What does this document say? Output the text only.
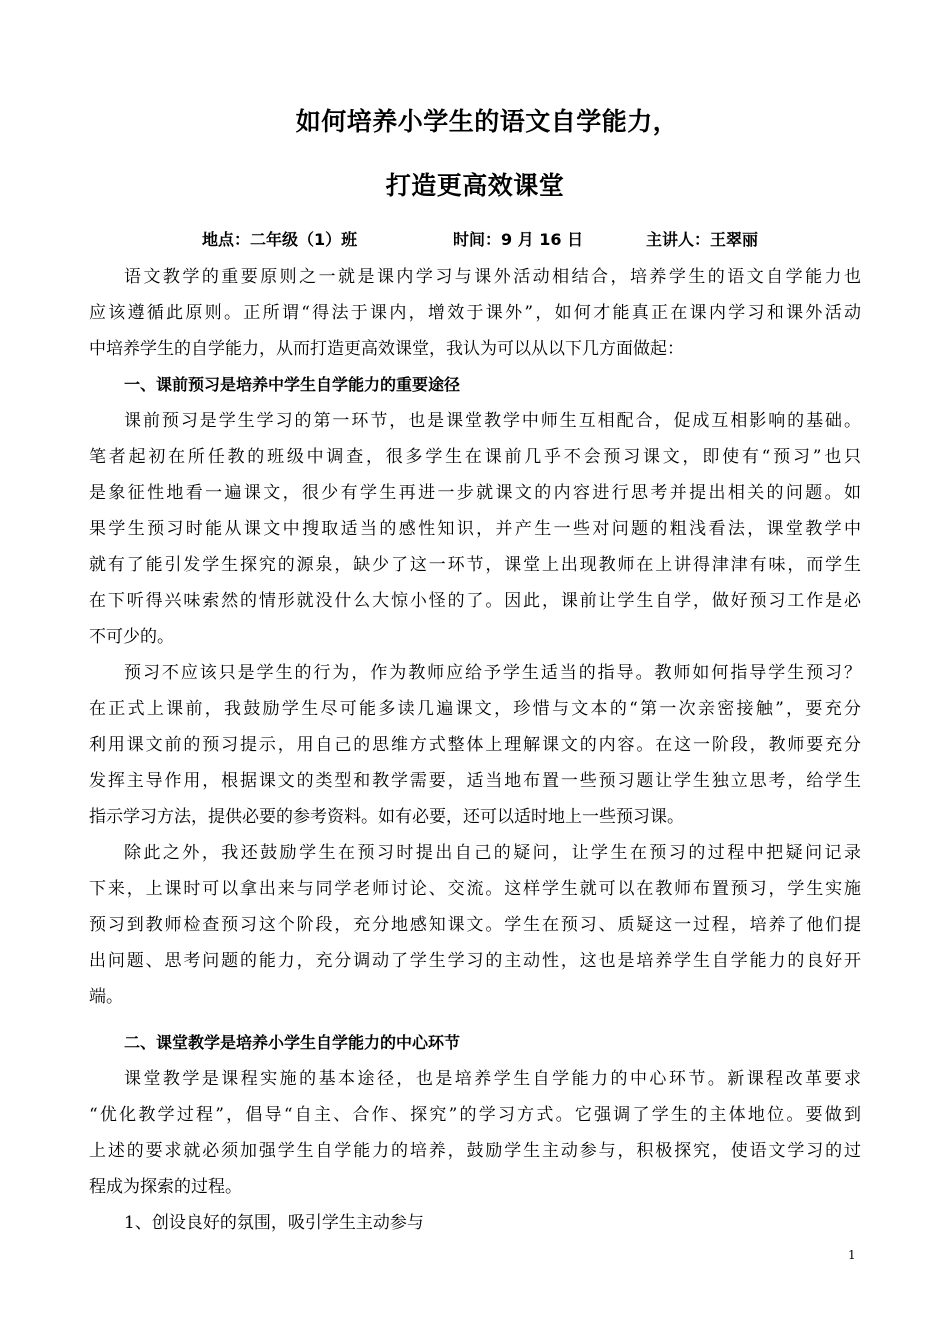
如何培养小学生的语文自学能力，
打造更高效课堂
地点：二年级（1）班	时间：9 月 16 日	主讲人：王翠丽
语文教学的重要原则之一就是课内学习与课外活动相结合，培养学生的语文自学能力也
应该遵循此原则。正所谓“得法于课内，增效于课外”，如何才能真正在课内学习和课外活动
中培养学生的自学能力，从而打造更高效课堂，我认为可以从以下几方面做起：
一、课前预习是培养中学生自学能力的重要途径
课前预习是学生学习的第一环节，也是课堂教学中师生互相配合，促成互相影响的基础。
笔者起初在所任教的班级中调查，很多学生在课前几乎不会预习课文，即使有“预习”也只
是象征性地看一遍课文，很少有学生再进一步就课文的内容进行思考并提出相关的问题。如
果学生预习时能从课文中搜取适当的感性知识，并产生一些对问题的粗浅看法，课堂教学中
就有了能引发学生探究的源泉，缺少了这一环节，课堂上出现教师在上讲得津津有味，而学生
在下听得兴味索然的情形就没什么大惊小怪的了。因此，课前让学生自学，做好预习工作是必
不可少的。
预习不应该只是学生的行为，作为教师应给予学生适当的指导。教师如何指导学生预习？
在正式上课前，我鼓励学生尽可能多读几遍课文，珍惜与文本的“第一次亲密接触”，要充分
利用课文前的预习提示，用自己的思维方式整体上理解课文的内容。在这一阶段，教师要充分
发挥主导作用，根据课文的类型和教学需要，适当地布置一些预习题让学生独立思考，给学生
指示学习方法，提供必要的参考资料。如有必要，还可以适时地上一些预习课。
除此之外，我还鼓励学生在预习时提出自己的疑问，让学生在预习的过程中把疑问记录
下来，上课时可以拿出来与同学老师讨论、交流。这样学生就可以在教师布置预习，学生实施
预习到教师检查预习这个阶段，充分地感知课文。学生在预习、质疑这一过程，培养了他们提
出问题、思考问题的能力，充分调动了学生学习的主动性，这也是培养学生自学能力的良好开
端。
二、课堂教学是培养小学生自学能力的中心环节
课堂教学是课程实施的基本途径，也是培养学生自学能力的中心环节。新课程改革要求
“优化教学过程”，倡导“自主、合作、探究”的学习方式。它强调了学生的主体地位。要做到
上述的要求就必须加强学生自学能力的培养，鼓励学生主动参与，积极探究，使语文学习的过
程成为探索的过程。
1、创设良好的氛围，吸引学生主动参与
1
